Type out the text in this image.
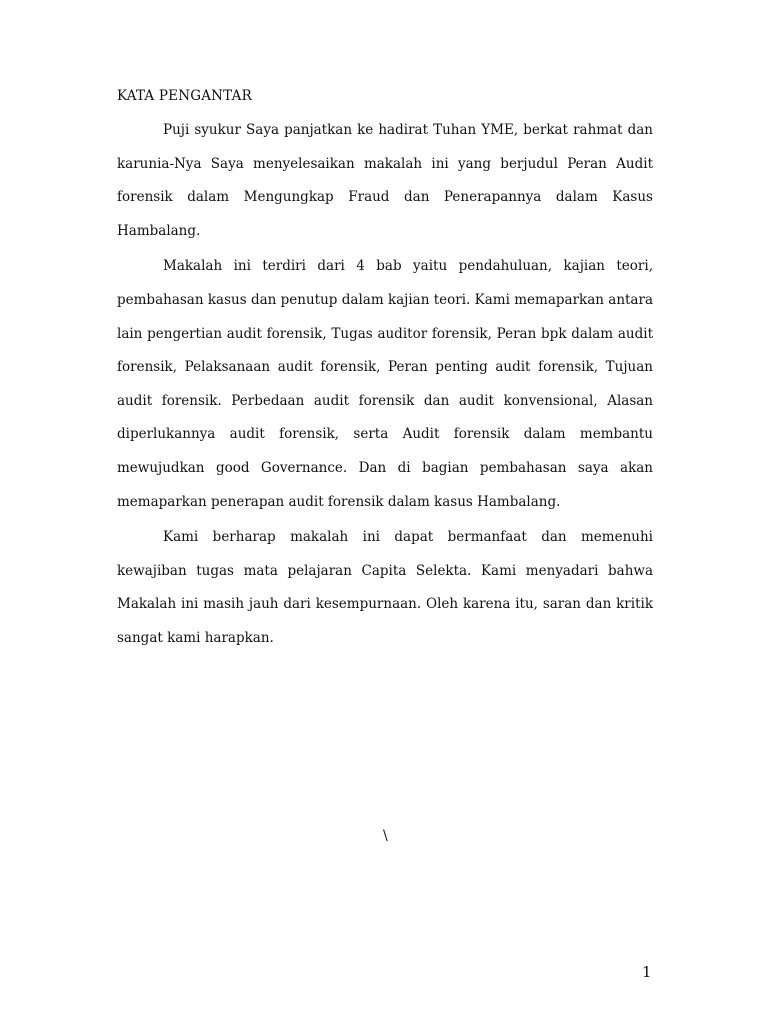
KATA PENGANTAR

Puji syukur Saya panjatkan ke hadirat Tuhan YME, berkat rahmat dan karunia-Nya Saya menyelesaikan makalah ini yang berjudul Peran Audit forensik dalam Mengungkap Fraud dan Penerapannya dalam Kasus Hambalang.

Makalah ini terdiri dari 4 bab yaitu pendahuluan, kajian teori, pembahasan kasus dan penutup dalam kajian teori. Kami memaparkan antara lain pengertian audit forensik, Tugas auditor forensik, Peran bpk dalam audit forensik, Pelaksanaan audit forensik, Peran penting audit forensik, Tujuan audit forensik. Perbedaan audit forensik dan audit konvensional, Alasan diperlukannya audit forensik, serta Audit forensik dalam membantu mewujudkan good Governance. Dan di bagian pembahasan saya akan memaparkan penerapan audit forensik dalam kasus Hambalang.

Kami berharap makalah ini dapat bermanfaat dan memenuhi kewajiban tugas mata pelajaran Capita Selekta. Kami menyadari bahwa Makalah ini masih jauh dari kesempurnaan. Oleh karena itu, saran dan kritik sangat kami harapkan.

\
1
